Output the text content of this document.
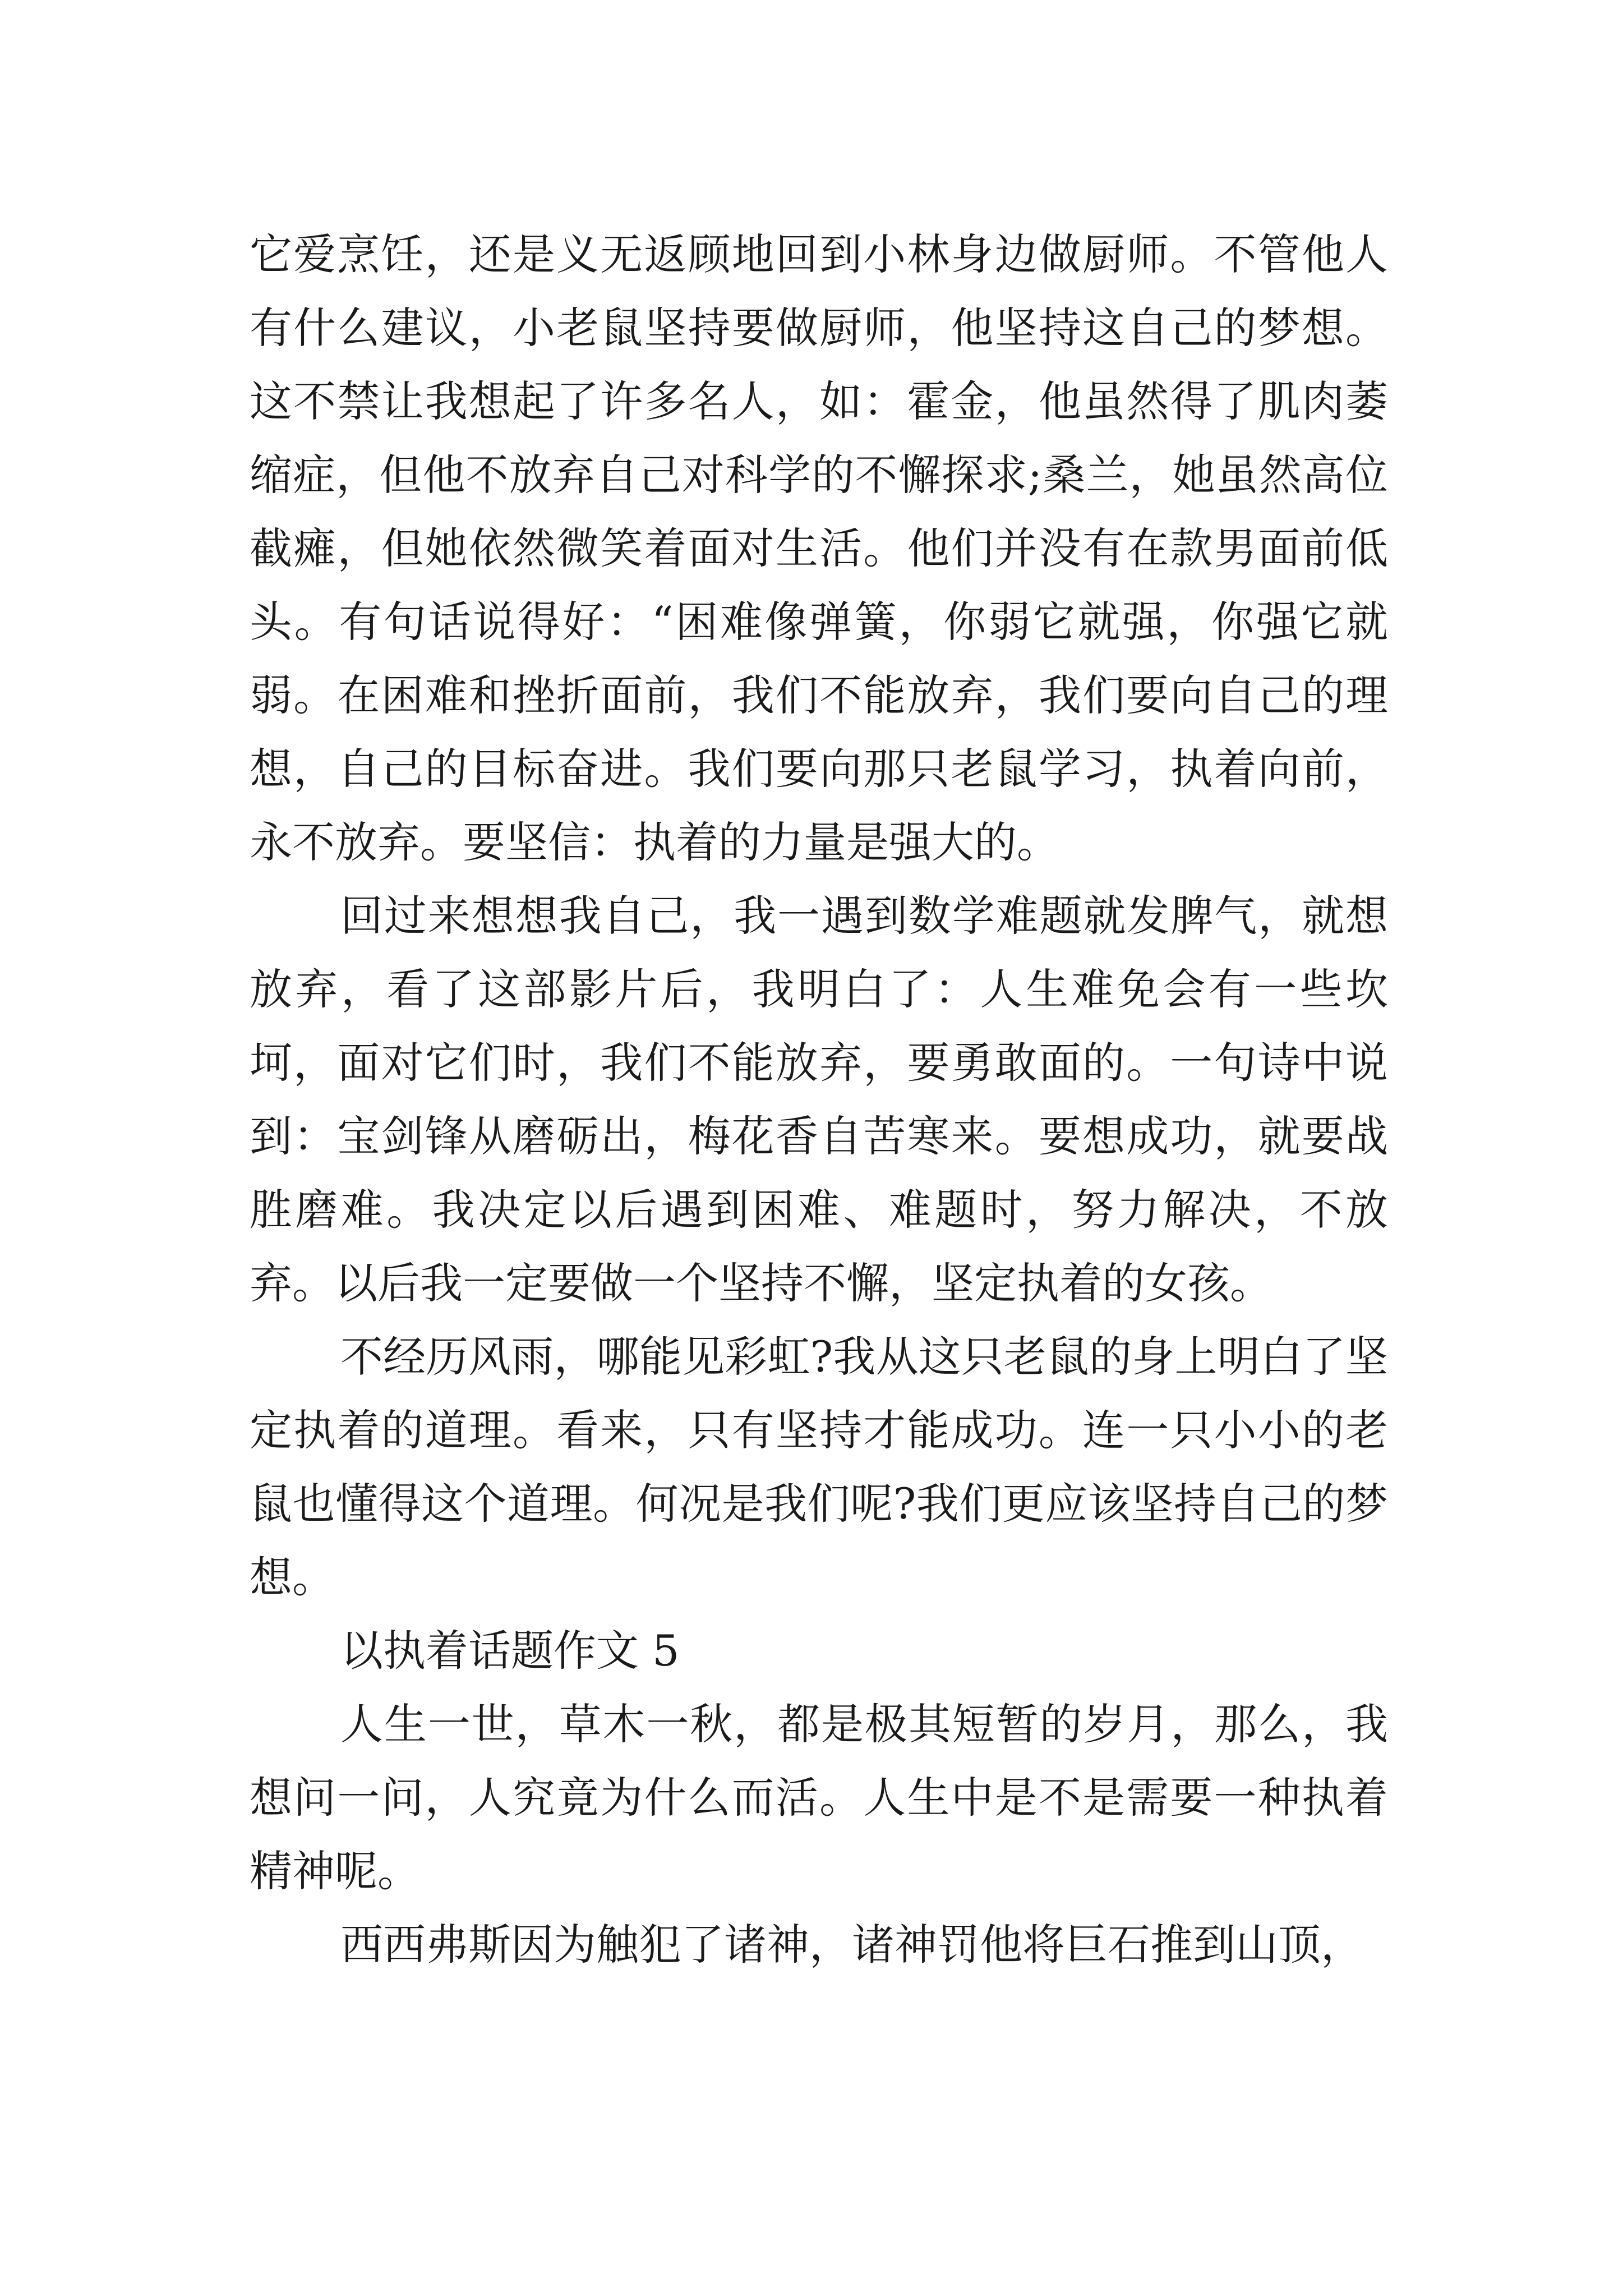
它爱烹饪，还是义无返顾地回到小林身边做厨师。不管他人有什么建议，小老鼠坚持要做厨师，他坚持这自己的梦想。这不禁让我想起了许多名人，如：霍金，他虽然得了肌肉萎缩症，但他不放弃自己对科学的不懈探求;桑兰，她虽然高位截瘫，但她依然微笑着面对生活。他们并没有在款男面前低头。有句话说得好：“困难像弹簧，你弱它就强，你强它就弱。在困难和挫折面前，我们不能放弃，我们要向自己的理想，自己的目标奋进。我们要向那只老鼠学习，执着向前，永不放弃。要坚信：执着的力量是强大的。

回过来想想我自己，我一遇到数学难题就发脾气，就想放弃，看了这部影片后，我明白了：人生难免会有一些坎坷，面对它们时，我们不能放弃，要勇敢面的。一句诗中说到：宝剑锋从磨砺出，梅花香自苦寒来。要想成功，就要战胜磨难。我决定以后遇到困难、难题时，努力解决，不放弃。以后我一定要做一个坚持不懈，坚定执着的女孩。

不经历风雨，哪能见彩虹?我从这只老鼠的身上明白了坚定执着的道理。看来，只有坚持才能成功。连一只小小的老鼠也懂得这个道理。何况是我们呢?我们更应该坚持自己的梦想。

以执着话题作文 5

人生一世，草木一秋，都是极其短暂的岁月，那么，我想问一问，人究竟为什么而活。人生中是不是需要一种执着精神呢。

西西弗斯因为触犯了诸神，诸神罚他将巨石推到山顶，
